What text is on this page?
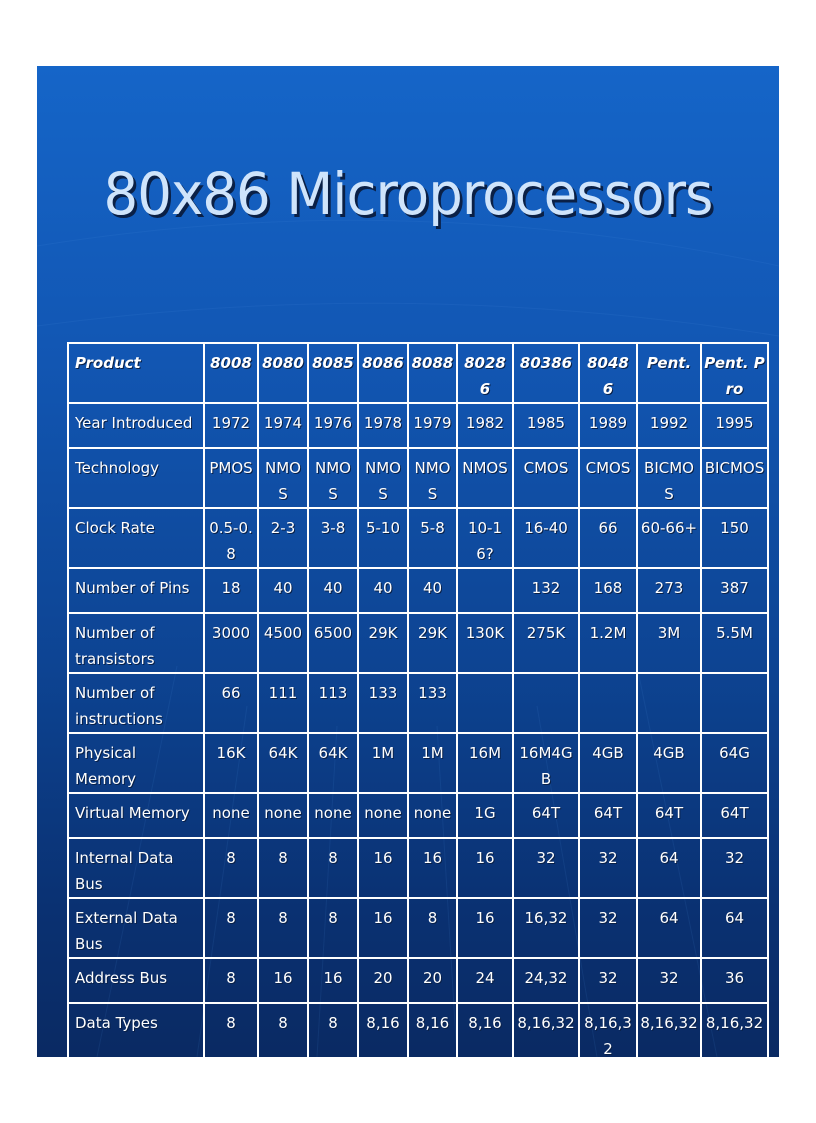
80x86 Microprocessors
Product	8008	8080	8085	8086	8088	80286	80386	80486	Pent.	Pent. Pro
Year Introduced	1972	1974	1976	1978	1979	1982	1985	1989	1992	1995
Technology	PMOS	NMOS	NMOS	NMOS	NMOS	NMOS	CMOS	CMOS	BICMOS	BICMOS
Clock Rate	0.5-0.8	2-3	3-8	5-10	5-8	10-16?	16-40	66	60-66+	150
Number of Pins	18	40	40	40	40		132	168	273	387
Number of transistors	3000	4500	6500	29K	29K	130K	275K	1.2M	3M	5.5M
Number of instructions	66	111	113	133	133					
Physical Memory	16K	64K	64K	1M	1M	16M	16M4GB	4GB	4GB	64G
Virtual Memory	none	none	none	none	none	1G	64T	64T	64T	64T
Internal Data Bus	8	8	8	16	16	16	32	32	64	32
External Data Bus	8	8	8	16	8	16	16,32	32	64	64
Address Bus	8	16	16	20	20	24	24,32	32	32	36
Data Types	8	8	8	8,16	8,16	8,16	8,16,32	8,16,32	8,16,32	8,16,32
